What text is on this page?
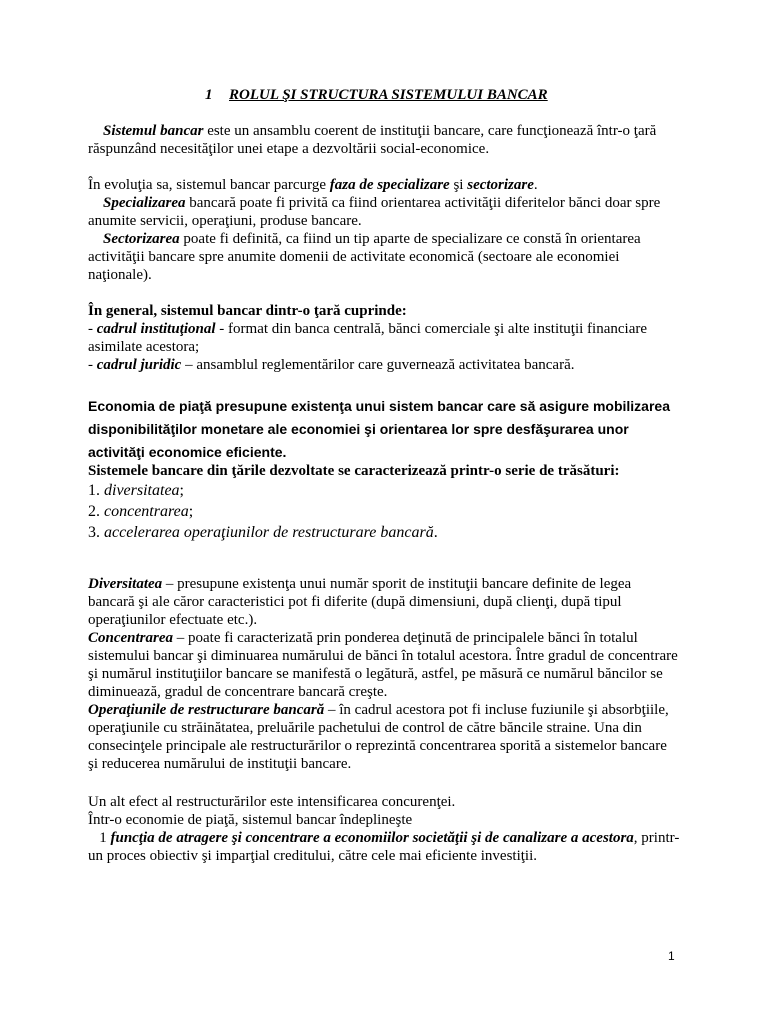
1 ROLUL ŞI STRUCTURA SISTEMULUI BANCAR

Sistemul bancar este un ansamblu coerent de instituţii bancare, care funcţionează într-o ţară răspunzând necesităţilor unei etape a dezvoltării social-economice.

În evoluţia sa, sistemul bancar parcurge faza de specializare şi sectorizare.

Specializarea bancară poate fi privită ca fiind orientarea activităţii diferitelor bănci doar spre anumite servicii, operaţiuni, produse bancare.

Sectorizarea poate fi definită, ca fiind un tip aparte de specializare ce constă în orientarea activităţii bancare spre anumite domenii de activitate economică (sectoare ale economiei naţionale).

În general, sistemul bancar dintr-o ţară cuprinde:
- cadrul instituţional - format din banca centrală, bănci comerciale şi alte instituţii financiare asimilate acestora;
- cadrul juridic – ansamblul reglementărilor care guvernează activitatea bancară.

Economia de piaţă presupune existenţa unui sistem bancar care să asigure mobilizarea disponibilităţilor monetare ale economiei şi orientarea lor spre desfăşurarea unor activităţi economice eficiente.

Sistemele bancare din ţările dezvoltate se caracterizează printr-o serie de trăsături:
1. diversitatea;
2. concentrarea;
3. accelerarea operaţiunilor de restructurare bancară.
Diversitatea – presupune existenţa unui număr sporit de instituţii bancare definite de legea bancară şi ale căror caracteristici pot fi diferite (după dimensiuni, după clienţi, după tipul operaţiunilor efectuate etc.).
Concentrarea – poate fi caracterizată prin ponderea deţinută de principalele bănci în totalul sistemului bancar şi diminuarea numărului de bănci în totalul acestora. Între gradul de concentrare şi numărul instituţiilor bancare se manifestă o legătură, astfel, pe măsură ce numărul băncilor se diminuează, gradul de concentrare bancară creşte.
Operaţiunile de restructurare bancară – în cadrul acestora pot fi incluse fuziunile şi absorbţiile, operaţiunile cu străinătatea, preluările pachetului de control de către băncile straine. Una din consecinţele principale ale restructurărilor o reprezintă concentrarea sporită a sistemelor bancare şi reducerea numărului de instituţii bancare.
Un alt efect al restructurărilor este intensificarea concurenţei.
Într-o economie de piaţă, sistemul bancar îndeplineşte
1 funcţia de atragere şi concentrare a economiilor societăţii şi de canalizare a acestora, printr-un proces obiectiv şi imparţial creditului, către cele mai eficiente investiţii.
1
